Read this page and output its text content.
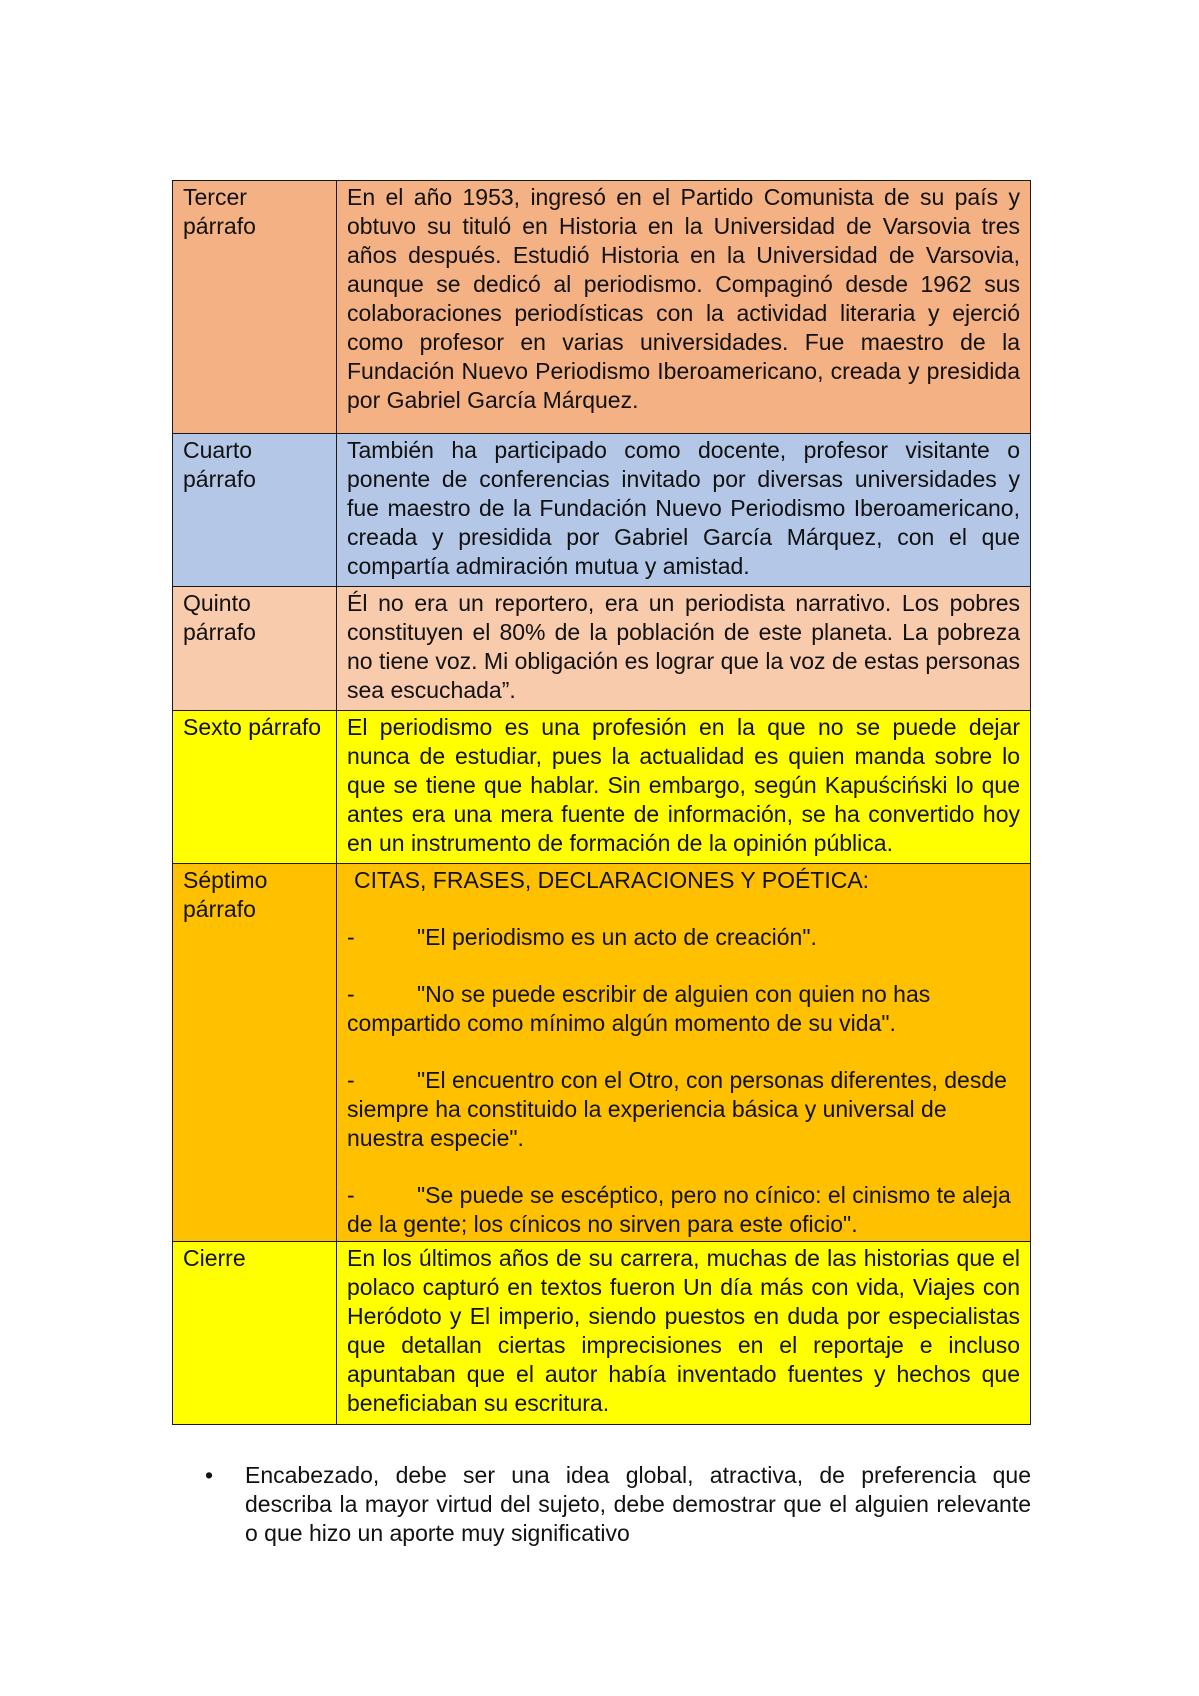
Tercer párrafo	En el año 1953, ingresó en el Partido Comunista de su país y obtuvo su tituló en Historia en la Universidad de Varsovia tres años después. Estudió Historia en la Universidad de Varsovia, aunque se dedicó al periodismo. Compaginó desde 1962 sus colaboraciones periodísticas con la actividad literaria y ejerció como profesor en varias universidades. Fue maestro de la Fundación Nuevo Periodismo Iberoamericano, creada y presidida por Gabriel García Márquez.
Cuarto párrafo	También ha participado como docente, profesor visitante o ponente de conferencias invitado por diversas universidades y fue maestro de la Fundación Nuevo Periodismo Iberoamericano, creada y presidida por Gabriel García Márquez, con el que compartía admiración mutua y amistad.
Quinto párrafo	Él no era un reportero, era un periodista narrativo. Los pobres constituyen el 80% de la población de este planeta. La pobreza no tiene voz. Mi obligación es lograr que la voz de estas personas sea escuchada”.
Sexto párrafo	El periodismo es una profesión en la que no se puede dejar nunca de estudiar, pues la actualidad es quien manda sobre lo que se tiene que hablar. Sin embargo, según Kapuściński lo que antes era una mera fuente de información, se ha convertido hoy en un instrumento de formación de la opinión pública.
Séptimo párrafo	CITAS, FRASES, DECLARACIONES Y POÉTICA:
- "El periodismo es un acto de creación".
- "No se puede escribir de alguien con quien no has compartido como mínimo algún momento de su vida".
- "El encuentro con el Otro, con personas diferentes, desde siempre ha constituido la experiencia básica y universal de nuestra especie".
- "Se puede se escéptico, pero no cínico: el cinismo te aleja de la gente; los cínicos no sirven para este oficio".

Cierre	En los últimos años de su carrera, muchas de las historias que el polaco capturó en textos fueron Un día más con vida, Viajes con Heródoto y El imperio, siendo puestos en duda por especialistas que detallan ciertas imprecisiones en el reportaje e incluso apuntaban que el autor había inventado fuentes y hechos que beneficiaban su escritura.
•	Encabezado, debe ser una idea global, atractiva, de preferencia que describa la mayor virtud del sujeto, debe demostrar que el alguien relevante o que hizo un aporte muy significativo
